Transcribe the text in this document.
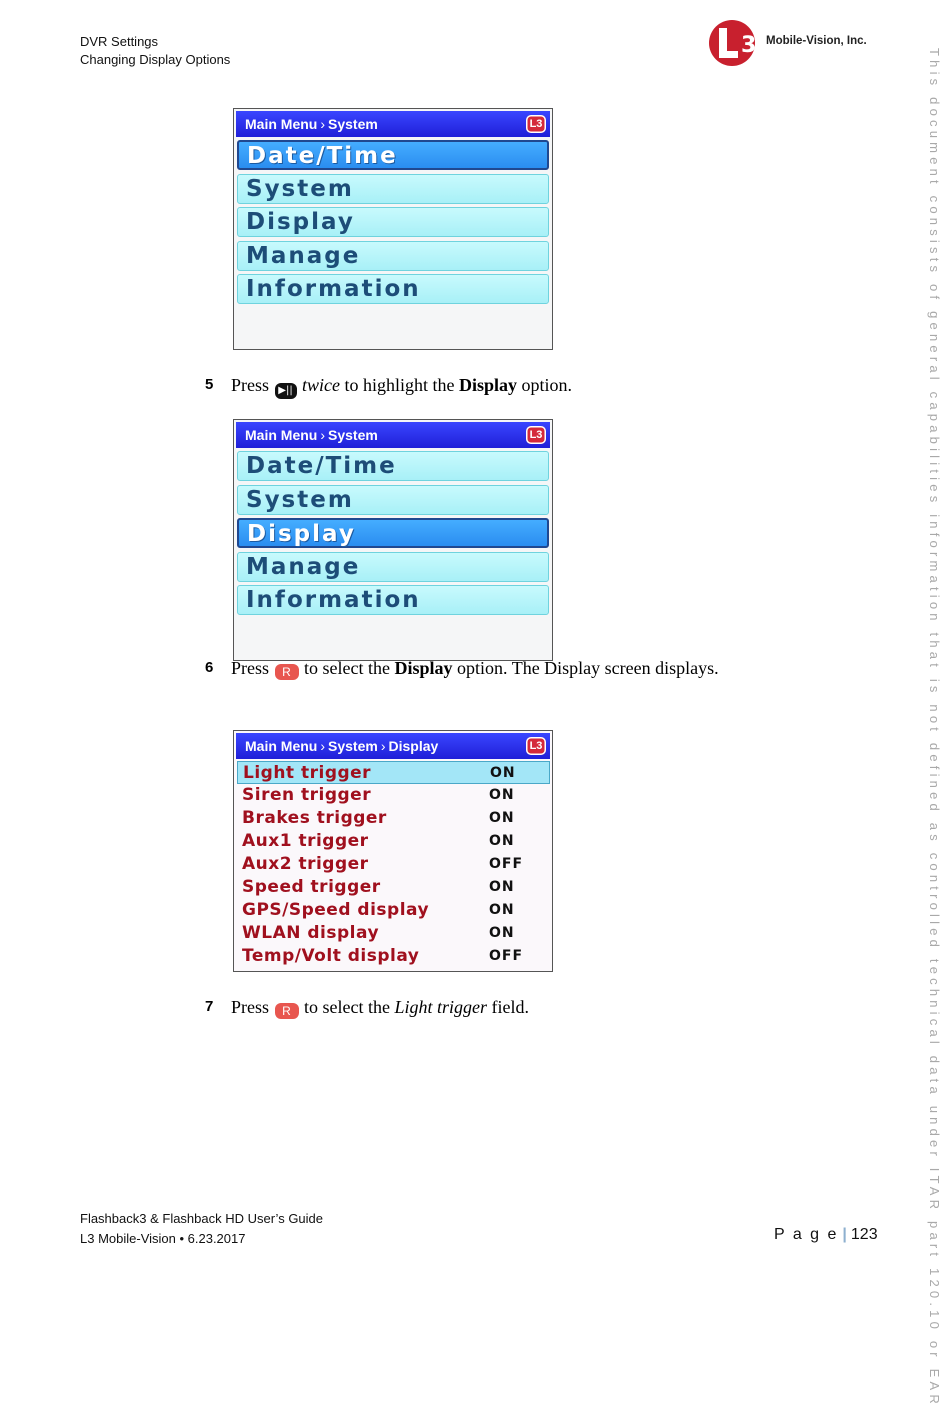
DVR Settings
Changing Display Options
3 Mobile-Vision, Inc.
This document consists of general capabilities information that is not defined as controlled technical data under ITAR part 120.10 or EAR
Main Menu › System	L3
Date/Time
System
Display
Manage
Information
5 Press ▶|| twice to highlight the Display option.
Main Menu › System	L3
Date/Time
System
Display
Manage
Information
6 Press R to select the Display option. The Display screen displays.
Main Menu › System › Display	L3
Light trigger	ON
Siren trigger	ON
Brakes trigger	ON
Aux1 trigger	ON
Aux2 trigger	OFF
Speed trigger	ON
GPS/Speed display	ON
WLAN display	ON
Temp/Volt display	OFF
7 Press R to select the Light trigger field.
Flashback3 & Flashback HD User’s Guide
L3 Mobile-Vision • 6.23.2017	P a g e | 123
